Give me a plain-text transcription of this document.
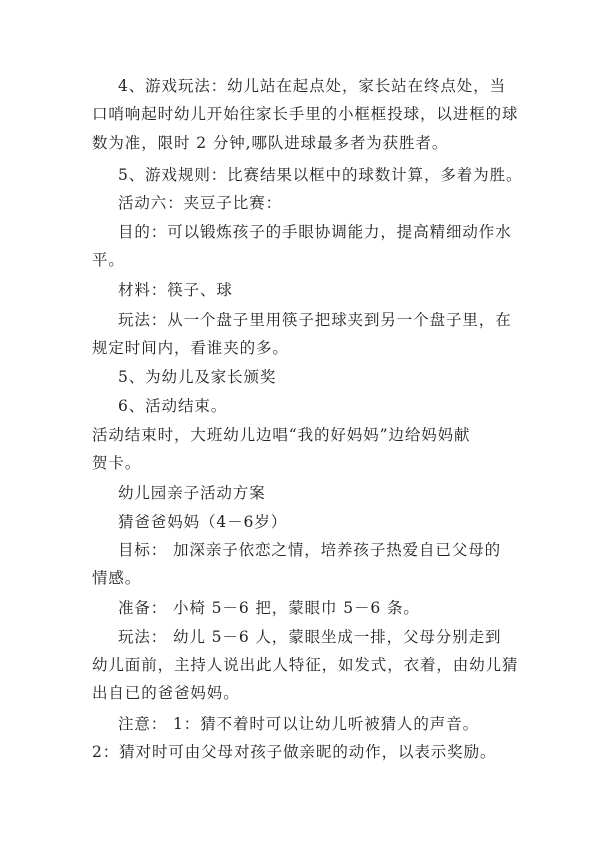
4、游戏玩法：幼儿站在起点处，家长站在终点处，当
口哨响起时幼儿开始往家长手里的小框框投球，以进框的球
数为准，限时 2 分钟,哪队进球最多者为获胜者。
5、游戏规则：比赛结果以框中的球数计算，多着为胜。
活动六：夹豆子比赛：
目的：可以锻炼孩子的手眼协调能力，提高精细动作水
平。
材料：筷子、球
玩法：从一个盘子里用筷子把球夹到另一个盘子里，在
规定时间内，看谁夹的多。
5、为幼儿及家长颁奖
6、活动结束。
活动结束时，大班幼儿边唱“我的好妈妈”边给妈妈献
贺卡。
幼儿园亲子活动方案
猜爸爸妈妈（4－6岁）
目标： 加深亲子依恋之情，培养孩子热爱自已父母的
情感。
准备： 小椅 5－6 把，蒙眼巾 5－6 条。
玩法： 幼儿 5－6 人，蒙眼坐成一排，父母分别走到
幼儿面前，主持人说出此人特征，如发式，衣着，由幼儿猜
出自已的爸爸妈妈。
注意： 1：猜不着时可以让幼儿听被猜人的声音。
2：猜对时可由父母对孩子做亲昵的动作，以表示奖励。
